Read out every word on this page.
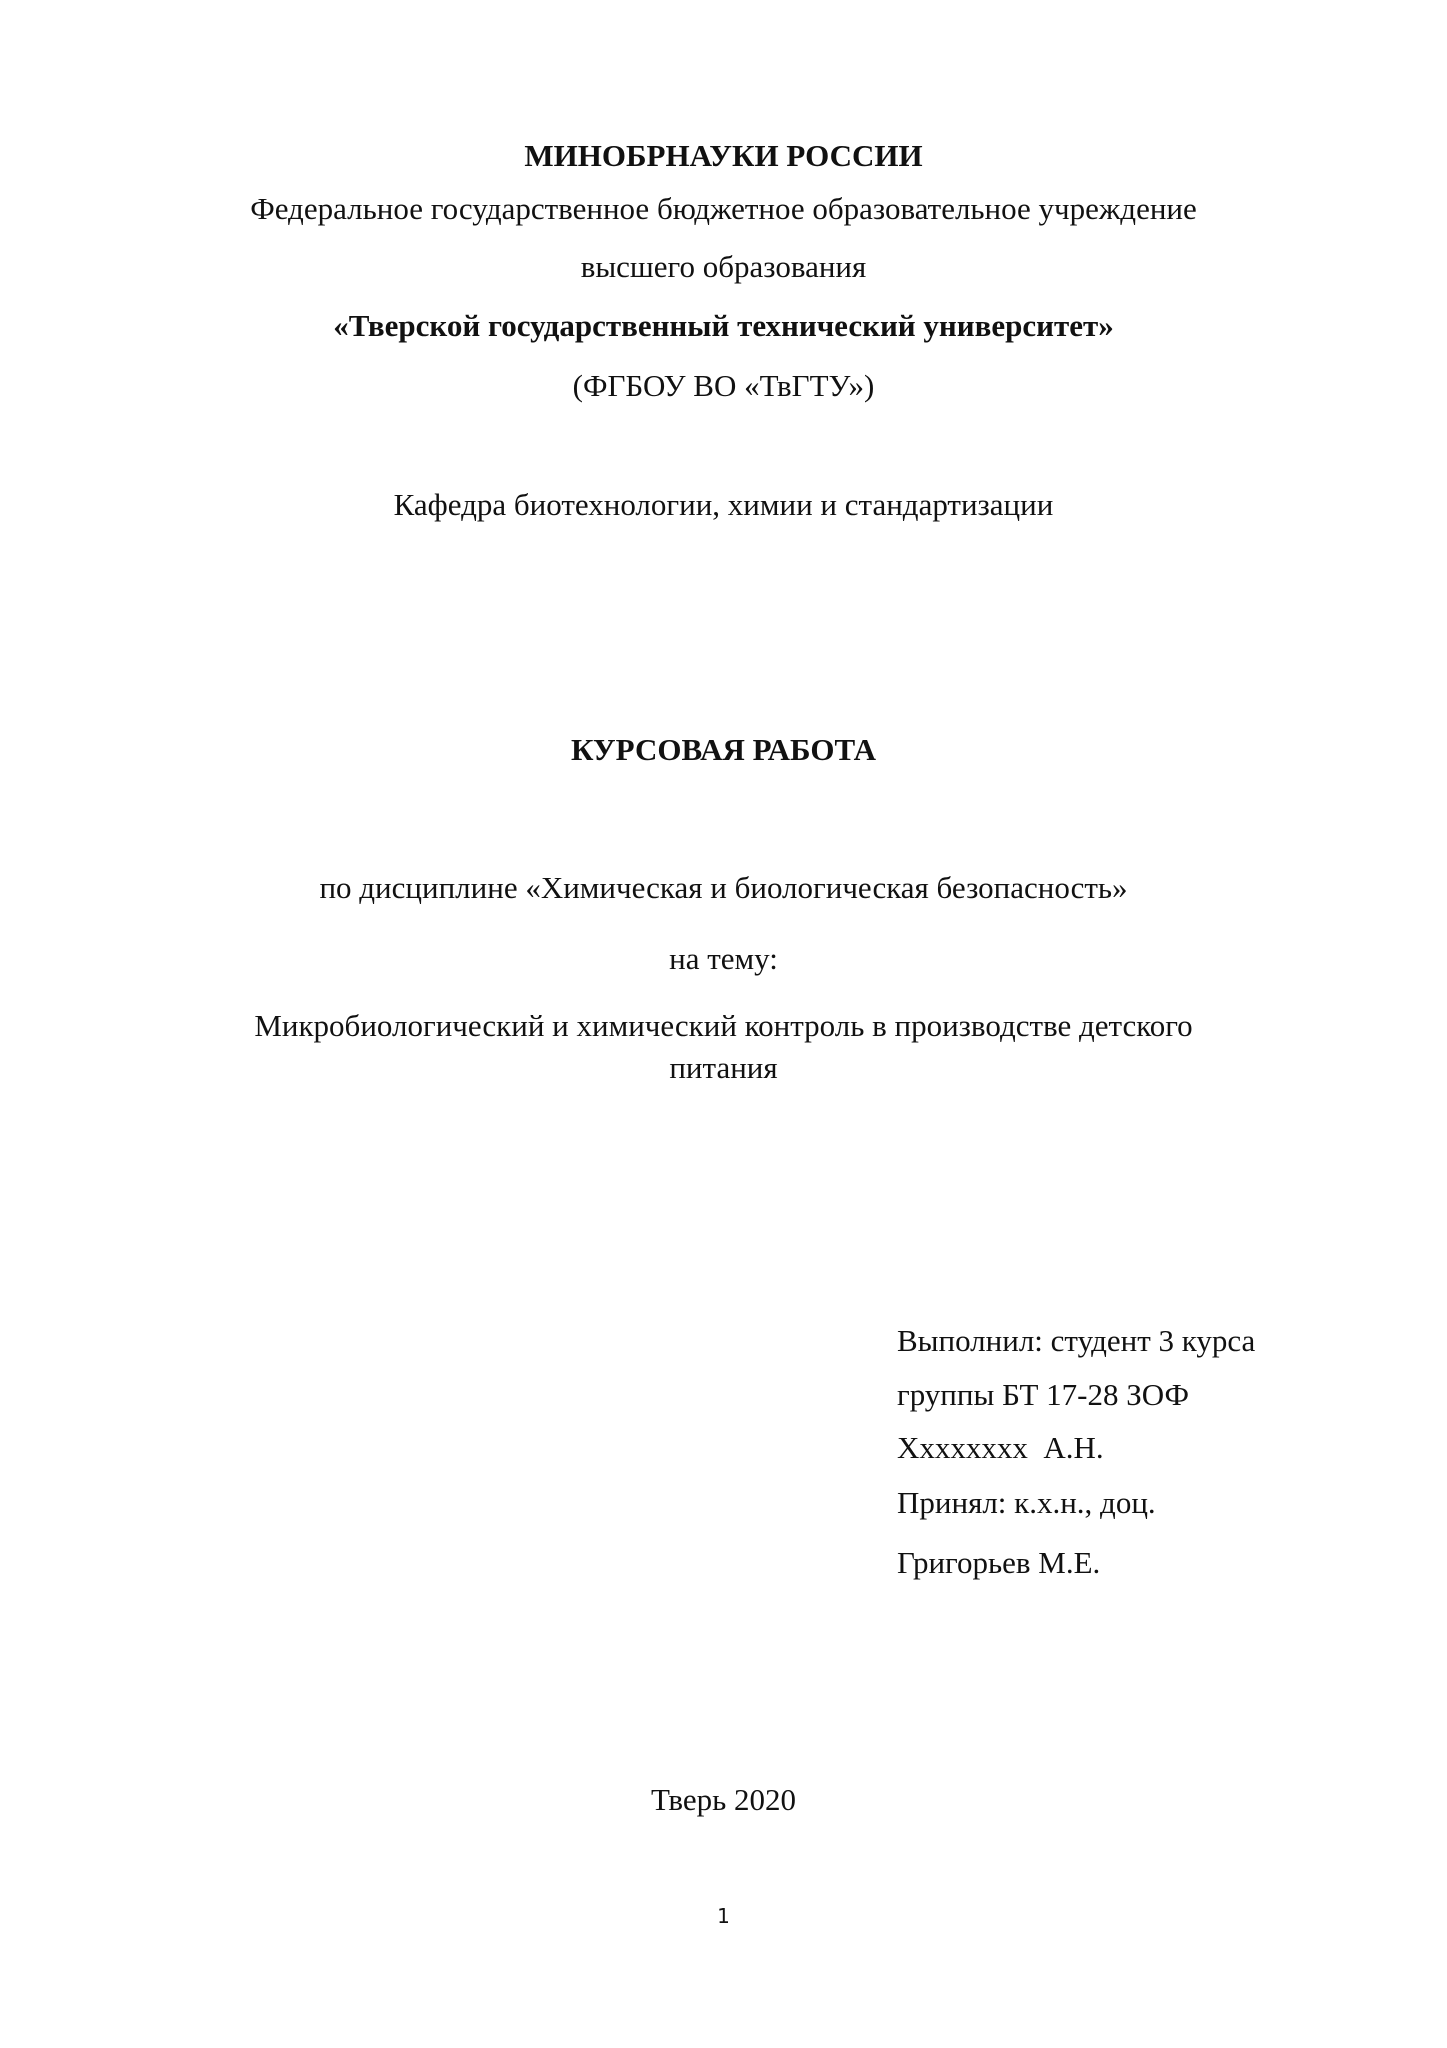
МИНОБРНАУКИ РОССИИ
Федеральное государственное бюджетное образовательное учреждение
высшего образования
«Тверской государственный технический университет»
(ФГБОУ ВО «ТвГТУ»)
Кафедра биотехнологии, химии и стандартизации
КУРСОВАЯ РАБОТА
по дисциплине «Химическая и биологическая безопасность»
на тему:
Микробиологический и химический контроль в производстве детского
питания
Выполнил: студент 3 курса
группы БТ 17-28 ЗОФ
Хxxxxxxx  А.Н.
Принял: к.х.н., доц.
Григорьев М.Е.
Тверь 2020
1
